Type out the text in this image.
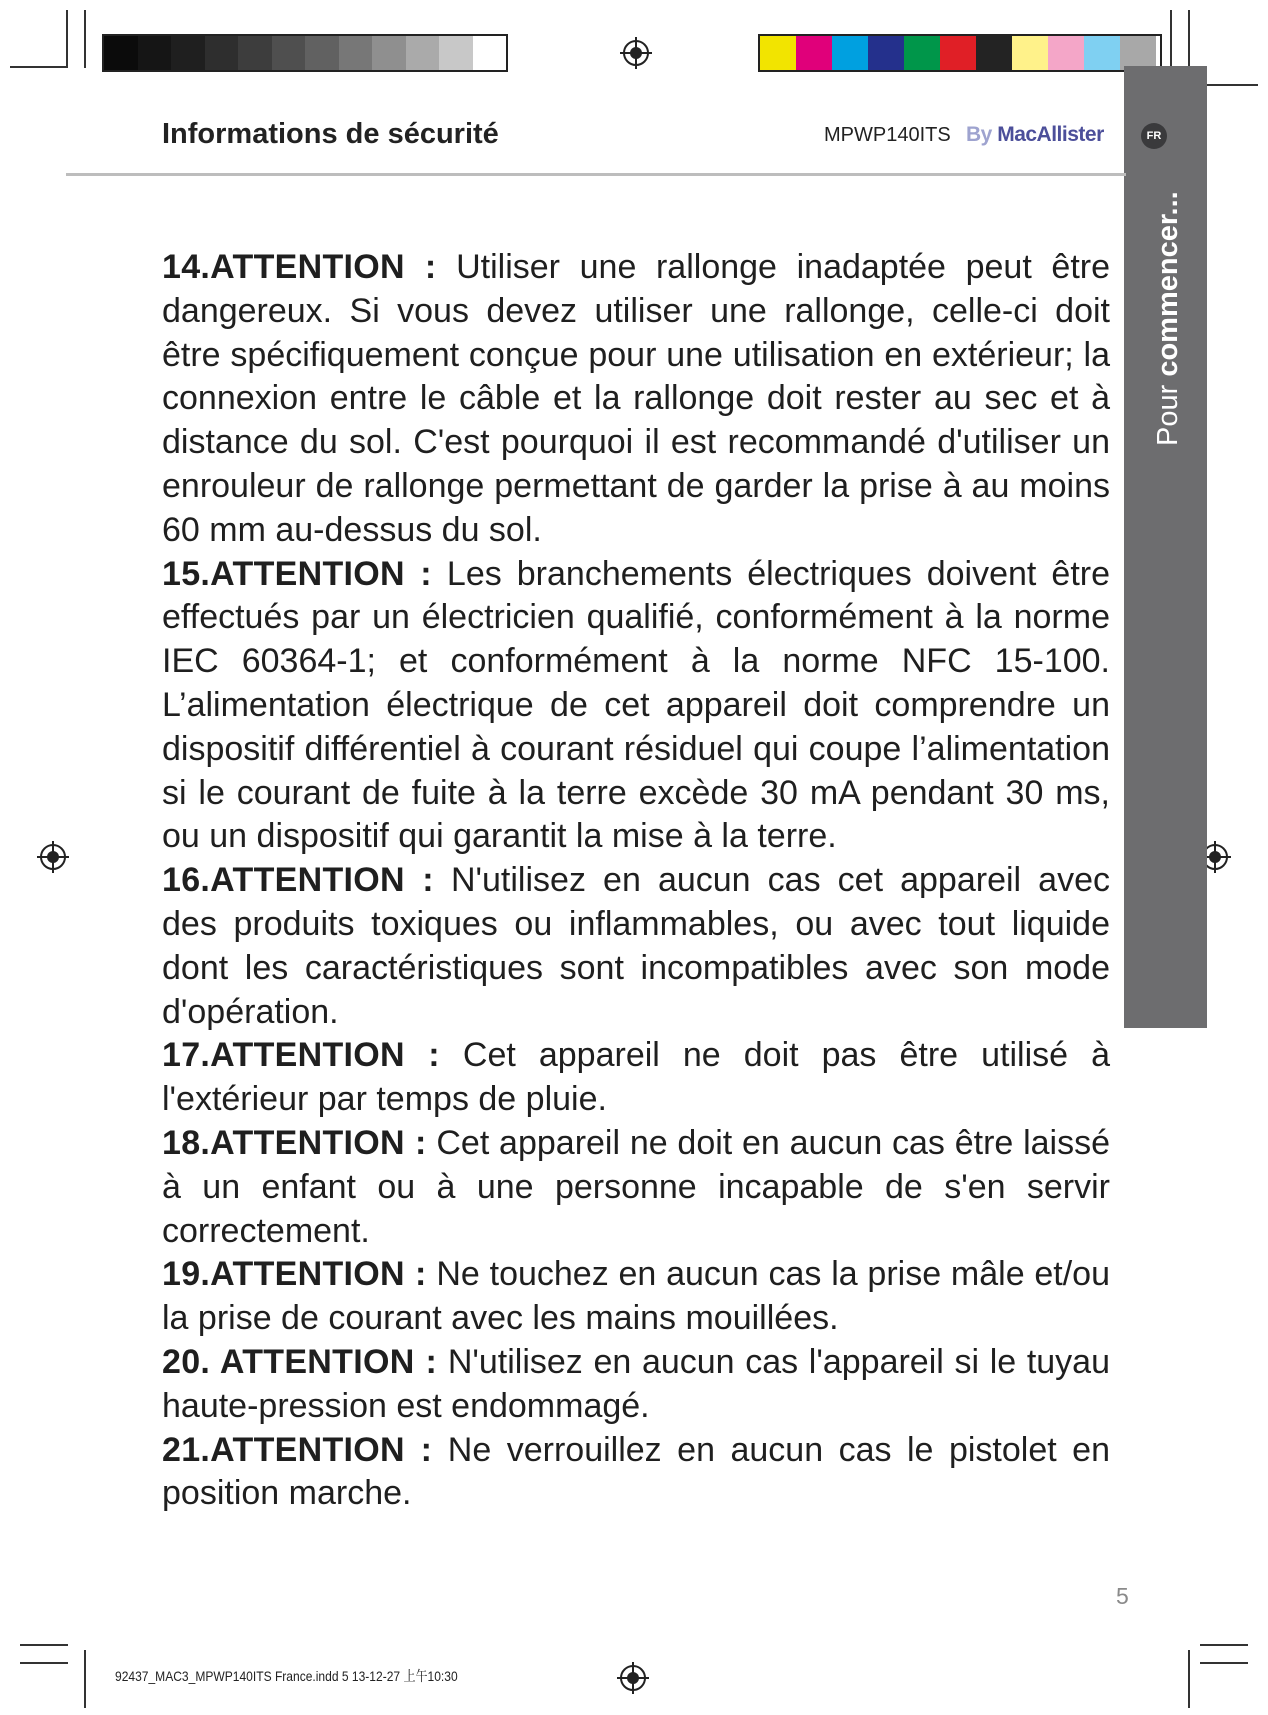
FR
Pour commencer...
Informations de sécurité	MPWP140ITS By MacAllister

14.ATTENTION : Utiliser une rallonge inadaptée peut être dangereux. Si vous devez utiliser une rallonge, celle-ci doit être spécifiquement conçue pour une utilisation en extérieur; la connexion entre le câble et la rallonge doit rester au sec et à distance du sol. C'est pourquoi il est recommandé d'utiliser un enrouleur de rallonge permettant de garder la prise à au moins 60 mm au-dessus du sol.

15.ATTENTION : Les branchements électriques doivent être effectués par un électricien qualifié, conformément à la norme IEC 60364-1; et conformément à la norme NFC 15-100. L’alimentation électrique de cet appareil doit comprendre un dispositif différentiel à courant résiduel qui coupe l’alimentation si le courant de fuite à la terre excède 30 mA pendant 30 ms, ou un dispositif qui garantit la mise à la terre.

16.ATTENTION : N'utilisez en aucun cas cet appareil avec des produits toxiques ou inflammables, ou avec tout liquide dont les caractéristiques sont incompatibles avec son mode d'opération.

17.ATTENTION : Cet appareil ne doit pas être utilisé à l'extérieur par temps de pluie.

18.ATTENTION : Cet appareil ne doit en aucun cas être laissé à un enfant ou à une personne incapable de s'en servir correctement.

19.ATTENTION : Ne touchez en aucun cas la prise mâle et/ou la prise de courant avec les mains mouillées.

20. ATTENTION : N'utilisez en aucun cas l'appareil si le tuyau haute-pression est endommagé.

21.ATTENTION : Ne verrouillez en aucun cas le pistolet en position marche.

5
92437_MAC3_MPWP140ITS France.indd 5 13-12-27 上午10:30
